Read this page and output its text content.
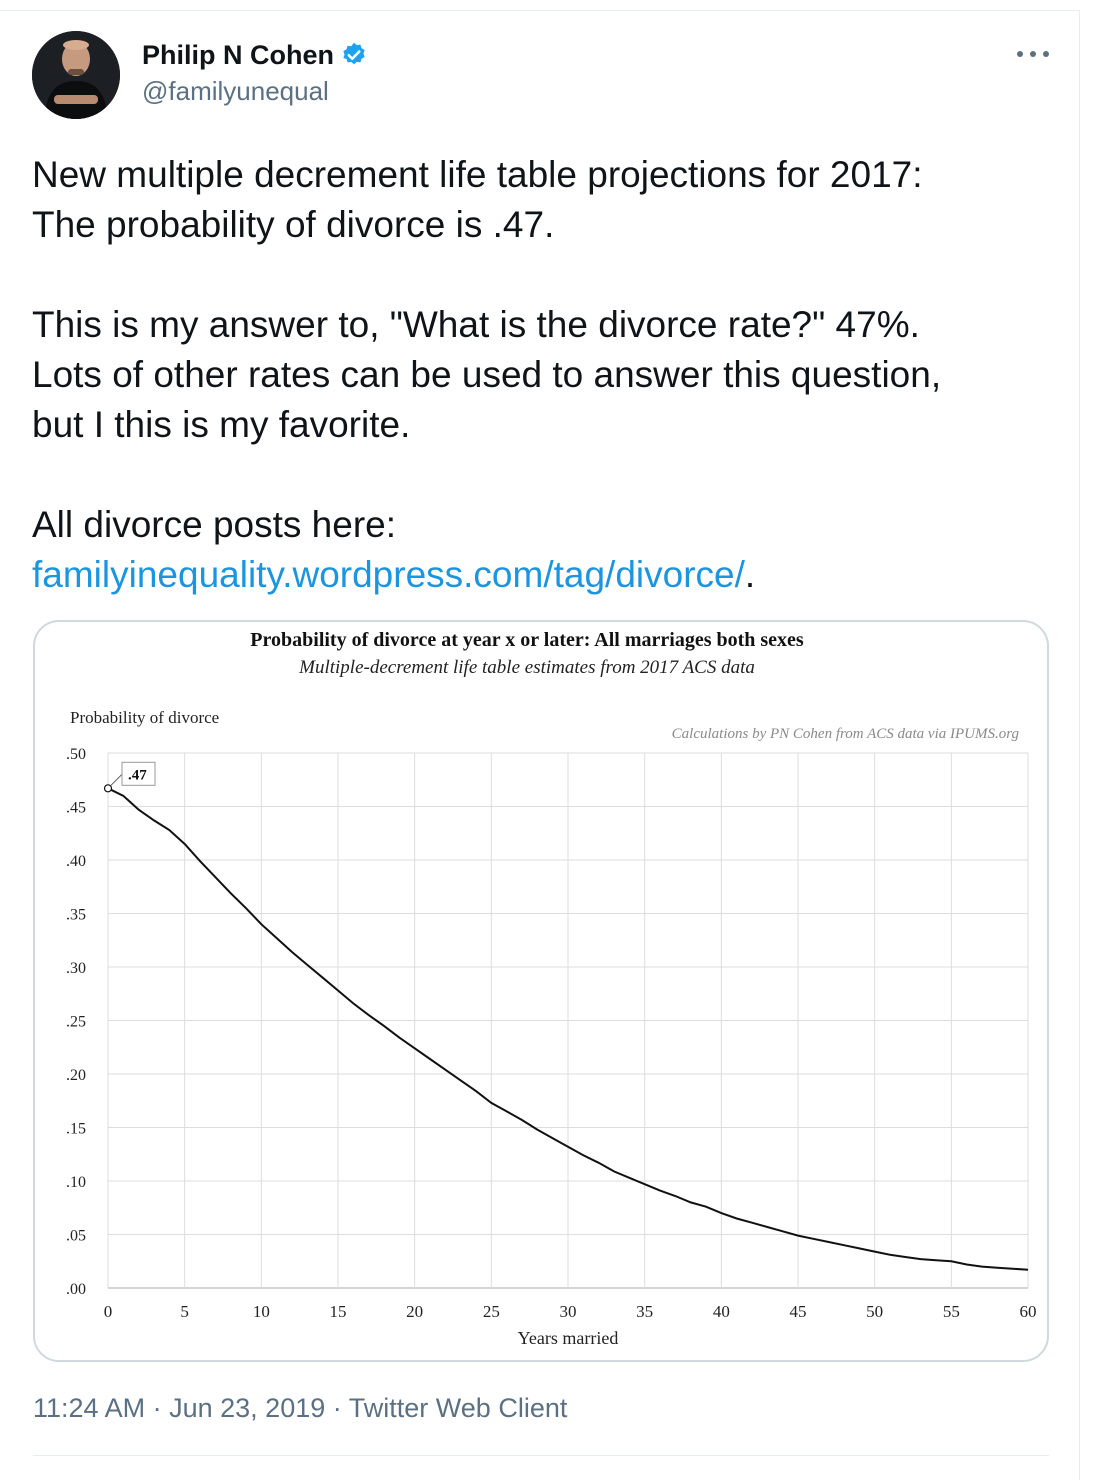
Philip N Cohen
@familyunequal
New multiple decrement life table projections for 2017:
The probability of divorce is .47.
This is my answer to, "What is the divorce rate?" 47%.
Lots of other rates can be used to answer this question,
but I this is my favorite.
All divorce posts here:
familyinequality.wordpress.com/tag/divorce/.
Probability of divorce at year x or later: All marriages both sexes
Multiple-decrement life table estimates from 2017 ACS data
Probability of divorce
Calculations by PN Cohen from ACS data via IPUMS.org
.00
.05
.10
.15
.20
.25
.30
.35
.40
.45
.50
0	5	10	15	20	25	30	35	40	45	50	55	60
.47
Years married
11:24 AM · Jun 23, 2019 · Twitter Web Client
